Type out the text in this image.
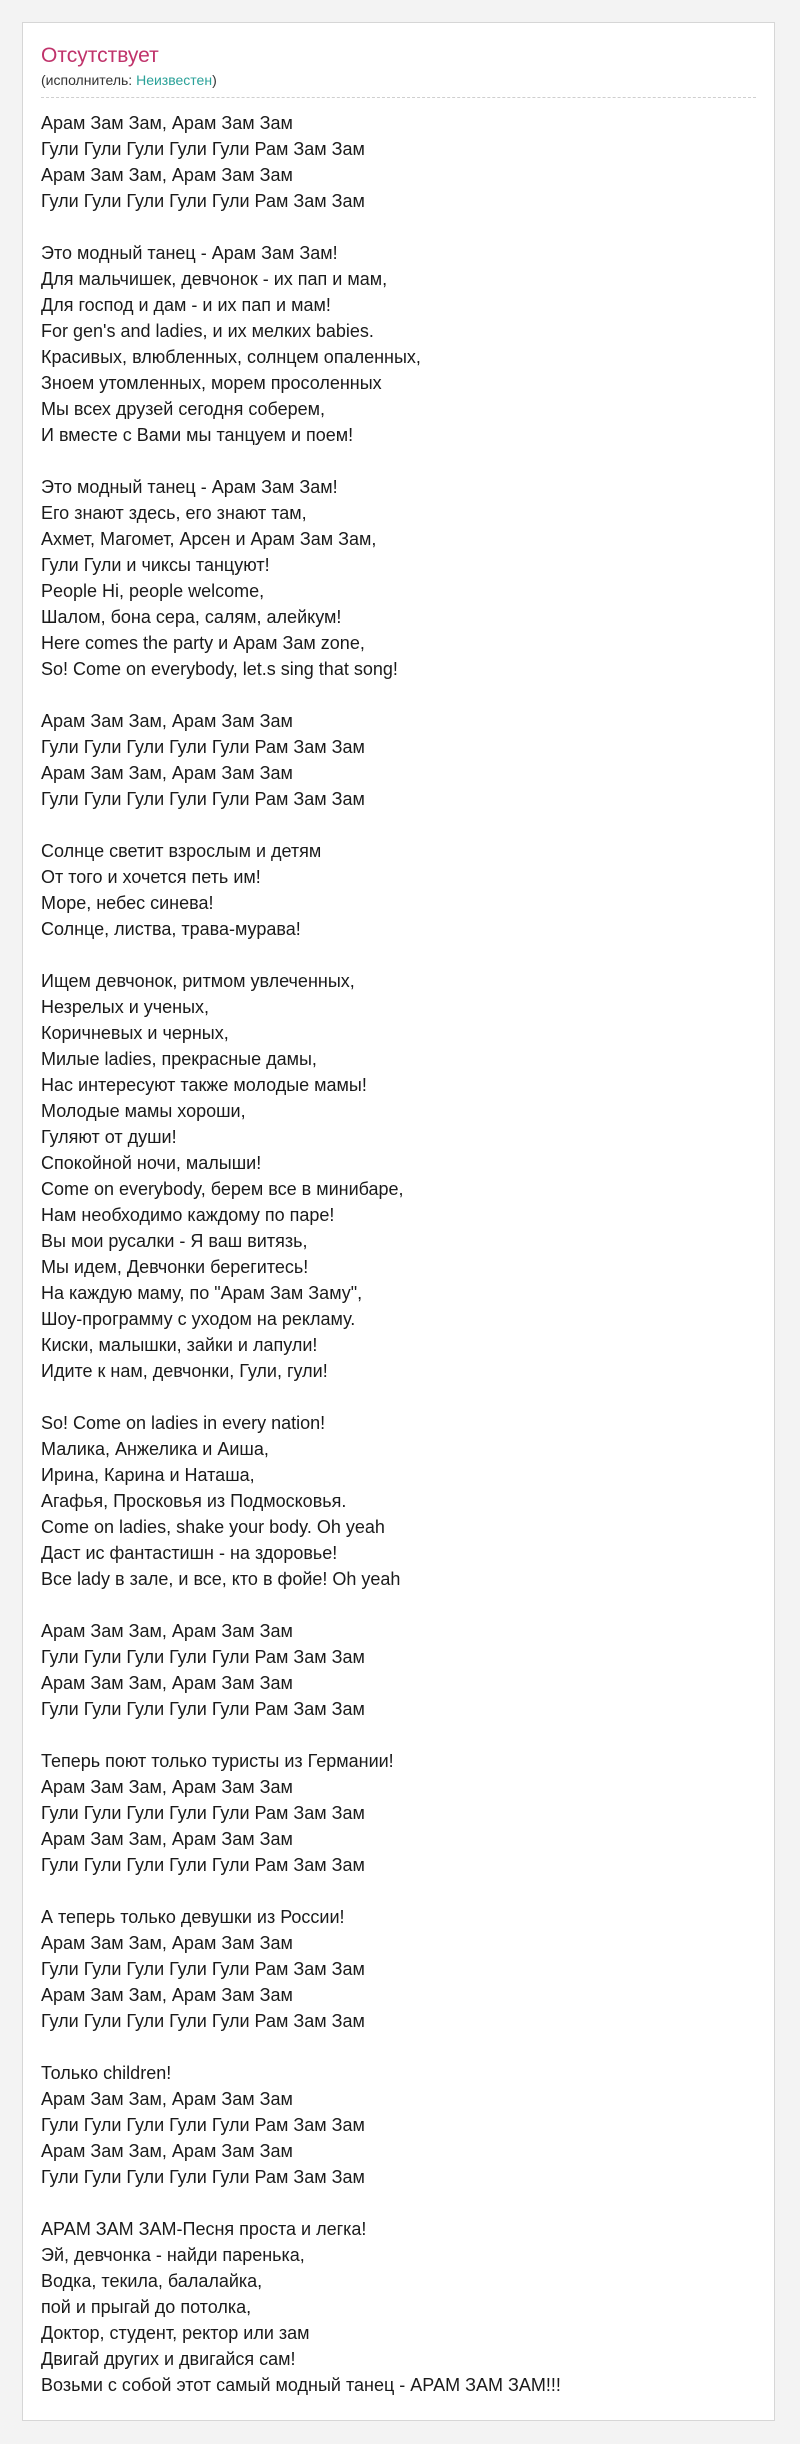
Отсутствует
(исполнитель: Неизвестен)
Арам Зам Зам, Арам Зам Зам
Гули Гули Гули Гули Гули Рам Зам Зам
Арам Зам Зам, Арам Зам Зам
Гули Гули Гули Гули Гули Рам Зам Зам
Это модный танец - Арам Зам Зам!
Для мальчишек, девчонок - их пап и мам,
Для господ и дам - и их пап и мам!
For gen's and ladies, и их мелких babies.
Красивых, влюбленных, солнцем опаленных,
Зноем утомленных, морем просоленных
Мы всех друзей сегодня соберем,
И вместе с Вами мы танцуем и поем!
Это модный танец - Арам Зам Зам!
Его знают здесь, его знают там,
Ахмет, Магомет, Арсен и Арам Зам Зам,
Гули Гули и чиксы танцуют!
People Hi, people welcome,
Шалом, бона сера, салям, алейкум!
Here comes the party и Арам Зам zone,
So! Come on everybody, let.s sing that song!
Арам Зам Зам, Арам Зам Зам
Гули Гули Гули Гули Гули Рам Зам Зам
Арам Зам Зам, Арам Зам Зам
Гули Гули Гули Гули Гули Рам Зам Зам
Солнце светит взрослым и детям
От того и хочется петь им!
Море, небес синева!
Солнце, листва, трава-мурава!
Ищем девчонок, ритмом увлеченных,
Незрелых и ученых,
Коричневых и черных,
Милые ladies, прекрасные дамы,
Нас интересуют также молодые мамы!
Молодые мамы хороши,
Гуляют от души!
Спокойной ночи, малыши!
Come on everybody, берем все в минибаре,
Нам необходимо каждому по паре!
Вы мои русалки - Я ваш витязь,
Мы идем, Девчонки берегитесь!
На каждую маму, по "Арам Зам Заму",
Шоу-программу с уходом на рекламу.
Киски, малышки, зайки и лапули!
Идите к нам, девчонки, Гули, гули!
So! Come on ladies in every nation!
Малика, Анжелика и Аиша,
Ирина, Карина и Наташа,
Агафья, Просковья из Подмосковья.
Come on ladies, shake your body. Oh yeah
Даст ис фантастишн - на здоровье!
Все lady в зале, и все, кто в фойе! Oh yeah
Арам Зам Зам, Арам Зам Зам
Гули Гули Гули Гули Гули Рам Зам Зам
Арам Зам Зам, Арам Зам Зам
Гули Гули Гули Гули Гули Рам Зам Зам
Теперь поют только туристы из Германии!
Арам Зам Зам, Арам Зам Зам
Гули Гули Гули Гули Гули Рам Зам Зам
Арам Зам Зам, Арам Зам Зам
Гули Гули Гули Гули Гули Рам Зам Зам
А теперь только девушки из России!
Арам Зам Зам, Арам Зам Зам
Гули Гули Гули Гули Гули Рам Зам Зам
Арам Зам Зам, Арам Зам Зам
Гули Гули Гули Гули Гули Рам Зам Зам
Только children!
Арам Зам Зам, Арам Зам Зам
Гули Гули Гули Гули Гули Рам Зам Зам
Арам Зам Зам, Арам Зам Зам
Гули Гули Гули Гули Гули Рам Зам Зам
АРАМ ЗАМ ЗАМ-Песня проста и легка!
Эй, девчонка - найди паренька,
Водка, текила, балалайка,
пой и прыгай до потолка,
Доктор, студент, ректор или зам
Двигай других и двигайся сам!
Возьми с собой этот самый модный танец - АРАМ ЗАМ ЗАМ!!!
